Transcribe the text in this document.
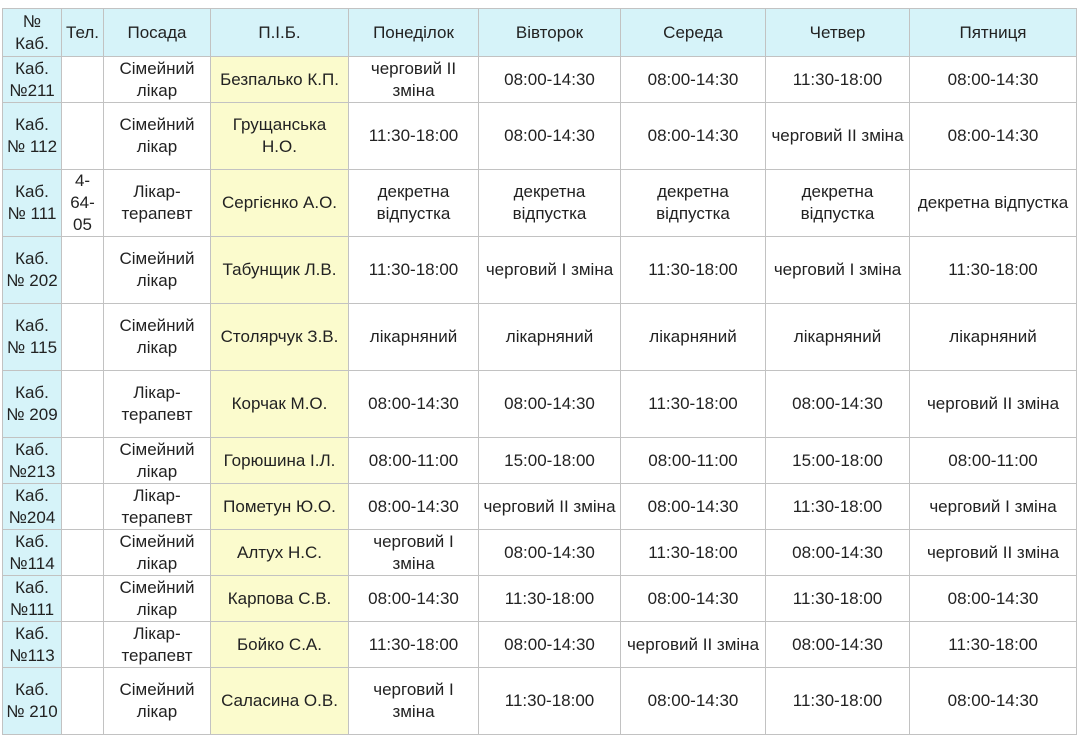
№ Каб.	Тел.	Посада	П.І.Б.	Понеділок	Вівторок	Середа	Четвер	Пятниця
Каб. №211		Сімейний лікар	Безпалько К.П.	черговий ІІ зміна	08:00-14:30	08:00-14:30	11:30-18:00	08:00-14:30
Каб. № 112		Сімейний лікар	Грущанська Н.О.	11:30-18:00	08:00-14:30	08:00-14:30	черговий ІІ зміна	08:00-14:30
Каб. № 111	4-64-05	Лікар-терапевт	Сергієнко А.О.	декретна відпустка	декретна відпустка	декретна відпустка	декретна відпустка	декретна відпустка
Каб. № 202		Сімейний лікар	Табунщик Л.В.	11:30-18:00	черговий І зміна	11:30-18:00	черговий І зміна	11:30-18:00
Каб. № 115		Сімейний лікар	Столярчук З.В.	лікарняний	лікарняний	лікарняний	лікарняний	лікарняний
Каб. № 209		Лікар-терапевт	Корчак М.О.	08:00-14:30	08:00-14:30	11:30-18:00	08:00-14:30	черговий ІІ зміна
Каб. №213		Сімейний лікар	Горюшина І.Л.	08:00-11:00	15:00-18:00	08:00-11:00	15:00-18:00	08:00-11:00
Каб. №204		Лікар-терапевт	Пометун Ю.О.	08:00-14:30	черговий ІІ зміна	08:00-14:30	11:30-18:00	черговий І зміна
Каб. №114		Сімейний лікар	Алтух Н.С.	черговий І зміна	08:00-14:30	11:30-18:00	08:00-14:30	черговий ІІ зміна
Каб. №111		Сімейний лікар	Карпова С.В.	08:00-14:30	11:30-18:00	08:00-14:30	11:30-18:00	08:00-14:30
Каб. №113		Лікар-терапевт	Бойко С.А.	11:30-18:00	08:00-14:30	черговий ІІ зміна	08:00-14:30	11:30-18:00
Каб. № 210		Сімейний лікар	Саласина О.В.	черговий І зміна	11:30-18:00	08:00-14:30	11:30-18:00	08:00-14:30
